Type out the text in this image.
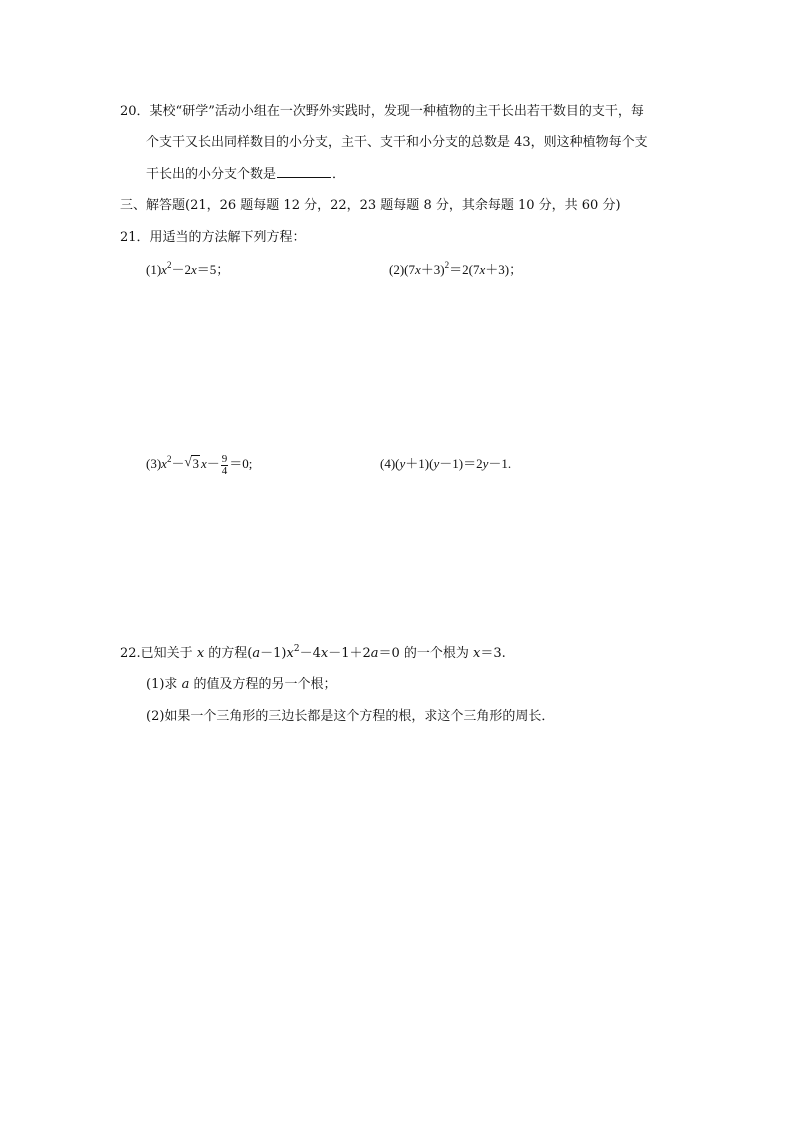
20．某校“研学”活动小组在一次野外实践时，发现一种植物的主干长出若干数目的支干，每
个支干又长出同样数目的小分支，主干、支干和小分支的总数是 43，则这种植物每个支
干长出的小分支个数是	．
三、解答题(21，26 题每题 12 分，22，23 题每题 8 分，其余每题 10 分，共 60 分)
21．用适当的方法解下列方程：
$(1)x^2-2x=5$；	$(2)(7x+3)^2=2(7x+3)$；
$(3)x^2-$ √ 3 $x- \frac{9}{4} =0$;	(4)(y＋1)(y－1)＝2y－1.
22.已知关于 x 的方程$(a-1)x^2-4x-1+2a=0$ 的一个根为 x＝3.
(1)求 a 的值及方程的另一个根；
(2)如果一个三角形的三边长都是这个方程的根，求这个三角形的周长．
